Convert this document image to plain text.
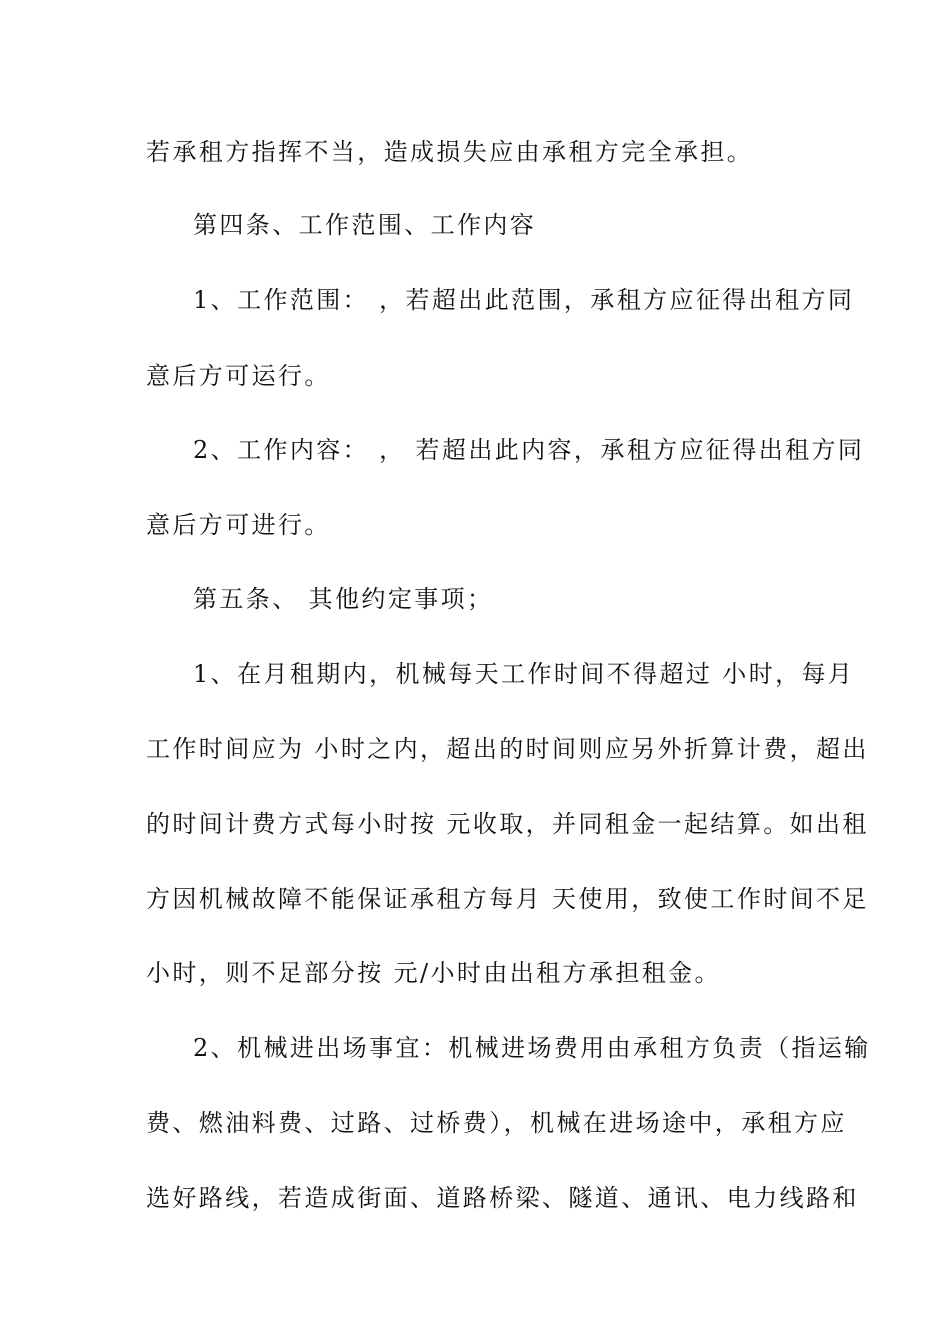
若承租方指挥不当，造成损失应由承租方完全承担。
第四条、工作范围、工作内容
1、工作范围： ，若超出此范围，承租方应征得出租方同
意后方可运行。
2、工作内容： ， 若超出此内容，承租方应征得出租方同
意后方可进行。
第五条、 其他约定事项；
1、在月租期内，机械每天工作时间不得超过 小时，每月
工作时间应为 小时之内，超出的时间则应另外折算计费，超出
的时间计费方式每小时按 元收取，并同租金一起结算。如出租
方因机械故障不能保证承租方每月 天使用，致使工作时间不足
小时，则不足部分按 元/小时由出租方承担租金。
2、机械进出场事宜：机械进场费用由承租方负责（指运输
费、燃油料费、过路、过桥费），机械在进场途中，承租方应
选好路线，若造成街面、道路桥梁、隧道、通讯、电力线路和
